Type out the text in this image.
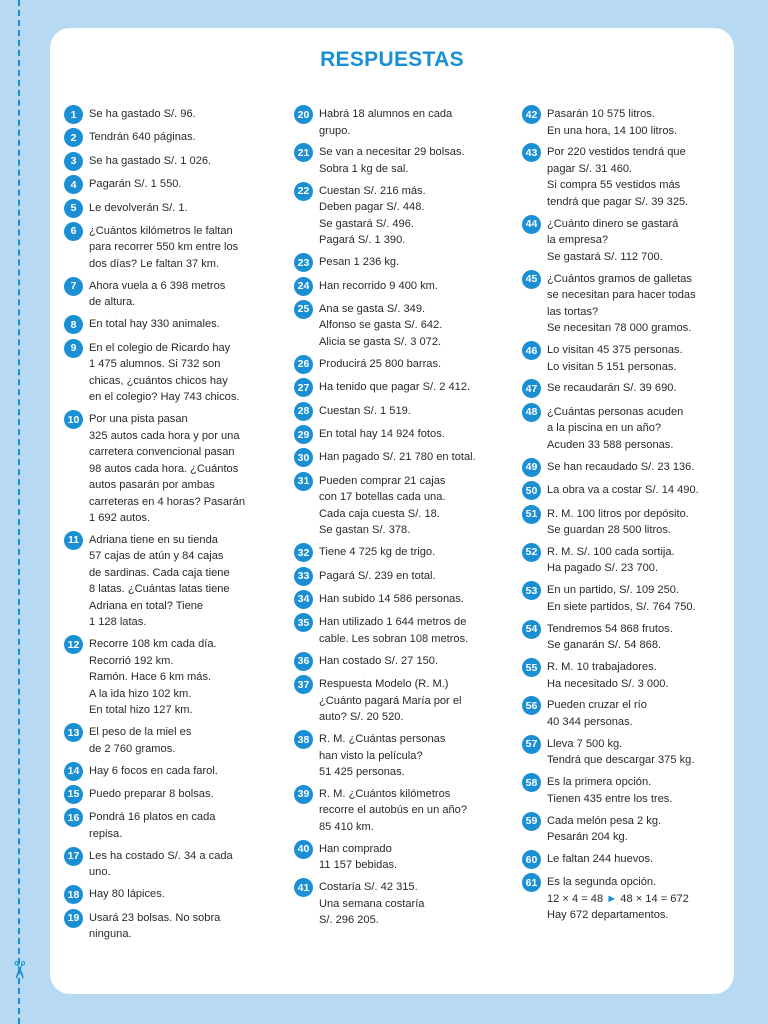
✂
RESPUESTAS
1	Se ha gastado S/. 96.
2	Tendrán 640 páginas.
3	Se ha gastado S/. 1 026.
4	Pagarán S/. 1 550.
5	Le devolverán S/. 1.
6	¿Cuántos kilómetros le faltan
para recorrer 550 km entre los
dos días? Le faltan 37 km.
7	Ahora vuela a 6 398 metros
de altura.
8	En total hay 330 animales.
9	En el colegio de Ricardo hay
1 475 alumnos. Si 732 son
chicas, ¿cuántos chicos hay
en el colegio? Hay 743 chicos.
10 Por una pista pasan
325 autos cada hora y por una
carretera convencional pasan
98 autos cada hora. ¿Cuántos
autos pasarán por ambas
carreteras en 4 horas? Pasarán
1 692 autos.
11 Adriana tiene en su tienda
57 cajas de atún y 84 cajas
de sardinas. Cada caja tiene
8 latas. ¿Cuántas latas tiene
Adriana en total? Tiene
1 128 latas.
12 Recorre 108 km cada día.
Recorrió 192 km.
Ramón. Hace 6 km más.
A la ida hizo 102 km.
En total hizo 127 km.
13 El peso de la miel es
de 2 760 gramos.
14 Hay 6 focos en cada farol.
15 Puedo preparar 8 bolsas.
16 Pondrá 16 platos en cada
repisa.
17 Les ha costado S/. 34 a cada
uno.
18 Hay 80 lápices.
19 Usará 23 bolsas. No sobra
ninguna.
20 Habrá 18 alumnos en cada
grupo.
21 Se van a necesitar 29 bolsas.
Sobra 1 kg de sal.
22 Cuestan S/. 216 más.
Deben pagar S/. 448.
Se gastará S/. 496.
Pagará S/. 1 390.
23 Pesan 1 236 kg.
24 Han recorrido 9 400 km.
25 Ana se gasta S/. 349.
Alfonso se gasta S/. 642.
Alicia se gasta S/. 3 072.
26 Producirá 25 800 barras.
27 Ha tenido que pagar S/. 2 412.
28 Cuestan S/. 1 519.
29 En total hay 14 924 fotos.
30 Han pagado S/. 21 780 en total.
31 Pueden comprar 21 cajas
con 17 botellas cada una.
Cada caja cuesta S/. 18.
Se gastan S/. 378.
32 Tiene 4 725 kg de trigo.
33 Pagará S/. 239 en total.
34 Han subido 14 586 personas.
35 Han utilizado 1 644 metros de
cable. Les sobran 108 metros.
36 Han costado S/. 27 150.
37 Respuesta Modelo (R. M.)
¿Cuánto pagará María por el
auto? S/. 20 520.
38 R. M. ¿Cuántas personas
han visto la película?
51 425 personas.
39 R. M. ¿Cuántos kilómetros
recorre el autobús en un año?
85 410 km.
40 Han comprado
11 157 bebidas.
41 Costaría S/. 42 315.
Una semana costaría
S/. 296 205.
42 Pasarán 10 575 litros.
En una hora, 14 100 litros.
43 Por 220 vestidos tendrá que
pagar S/. 31 460.
Si compra 55 vestidos más
tendrá que pagar S/. 39 325.
44 ¿Cuánto dinero se gastará
la empresa?
Se gastará S/. 112 700.
45 ¿Cuántos gramos de galletas
se necesitan para hacer todas
las tortas?
Se necesitan 78 000 gramos.
46 Lo visitan 45 375 personas.
Lo visitan 5 151 personas.
47 Se recaudarán S/. 39 690.
48 ¿Cuántas personas acuden
a la piscina en un año?
Acuden 33 588 personas.
49 Se han recaudado S/. 23 136.
50 La obra va a costar S/. 14 490.
51 R. M. 100 litros por depósito.
Se guardan 28 500 litros.
52 R. M. S/. 100 cada sortija.
Ha pagado S/. 23 700.
53 En un partido, S/. 109 250.
En siete partidos, S/. 764 750.
54 Tendremos 54 868 frutos.
Se ganarán S/. 54 868.
55 R. M. 10 trabajadores.
Ha necesitado S/. 3 000.
56 Pueden cruzar el río
40 344 personas.
57 Lleva 7 500 kg.
Tendrá que descargar 375 kg.
58 Es la primera opción.
Tienen 435 entre los tres.
59 Cada melón pesa 2 kg.
Pesarán 204 kg.
60 Le faltan 244 huevos.
61 Es la segunda opción.
12 × 4 = 48 ► 48 × 14 = 672
Hay 672 departamentos.
